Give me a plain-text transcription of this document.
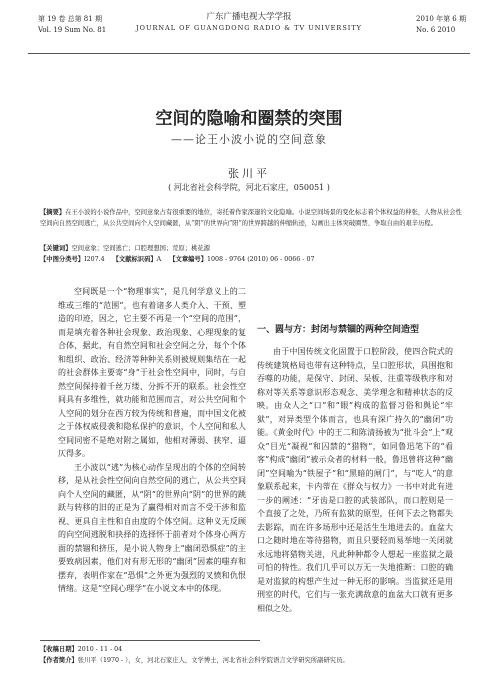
第 19 卷 总第 81 期
Vol. 19 Sum No. 81
广东广播电视大学学报
JOURNAL OF GUANGDONG RADIO & TV UNIVERSITY
2010 年第 6 期
No. 6 2010
空间的隐喻和圈禁的突围
——论王小波小说的空间意象
张川平
( 河北省社会科学院，河北石家庄，050051 )
【摘要】在王小波的小说作品中，空间意象占有很重要的地位，寄托着作家深邃的文化隐喻。小说空间场景的变化标志着个体权益的伸张，人物从社会性空间向自然空间逃亡，从公共空间向个人空间藏匿，从“阴”的世界向“阳”的世界跨越的伸缩轨迹，勾画出主体突破圈禁、争取自由的艰辛历程。
【关键词】空间意象；空间逃亡；口腔理想国；荒原；桃花源
【中图分类号】I207.4 【文献标识码】A 【文章编号】1008 - 9764 (2010) 06 - 0066 - 07

空间既是一个“物理事实”，是几何学意义上的二维或三维的“范围”，也有着诸多人类介入、干预、塑造的印迹，因之，它主要不再是一个“空间的范围”，而是填充着各种社会现象、政治现象、心理现象的复合体，据此，有自然空间和社会空间之分，每个个体和组织、政治、经济等种种关系则被规则集结在一起的社会群体主要寄“身”于社会性空间中，同时，与自然空间保持着千丝万缕、分拆不开的联系。社会性空间具有多维性，就功能和范围而言，对公共空间和个人空间的划分在西方较为传统和普遍，而中国文化被之于体权威侵袭和隐私保护的意识，个人空间和私人空间同密不是绝对附之属如，他相对薄弱、狭窄、逼仄得多。

王小波以“逃”为核心动作呈现出的个体的空间转移，是从社会性空间向自然空间的逃亡，从公共空间向个人空间的藏匿，从“阴”的世界向“阴”的世界的跳跃与转移的旧的正是为了赢得相对而言不受干涉和监视、更具自主性和自由度的个体空间。这种义无反顾的向空间逃脱和抉择的选择怀于前者对个体身心两方面的禁锢和挤压，是小说人物身上“幽闭恐惧症”的主要致病因素，他们对有形无形的“幽闭”因素的嗤弃和摆弃，表明作家在“恐惧”之外更为强烈的叉愤和仇恨情绪。这是“空间心理学”在小说文本中的体现。

一、圆与方：封闭与禁锢的两种空间造型

由于中国传统文化固置于口腔阶段，使四合院式的传统建筑格局也带有这种特点，呈口腔形状，具围抱和吞噬的功能，是保守、封闭、呆板、注重等级秩序和对称对等关系等意识形态观念、美学理念和精神状态的反映。由众人之“口”和“眼”构成的监督习俗和舆论“牢狱”，对异类型个体而言，也具有深广持久的“幽闭”功能。《黄金时代》中的王二和陈清扬被为“批斗会”上“观众”目光“凝视”和囚禁的“猎物”，如同鲁迅笔下的“看客”构成“幽闭”被示众者的材料一般，鲁迅曾将这种“幽闭”空间喻为“铁屋子”和“黑暗的闸门”，与“吃人”的意象联系起来，卡内蒂在《群众与权力》一书中对此有进一步的阐述：“牙齿是口腔的武装部队，而口腔则是一个直接了之处，乃所有监狱的原型，任何下去之物都失去影踪，而在许多场形中还是活生生地进去的。血盆大口之随时地在等待猎物，而且只要轻而易举地一关闭就永远地将猎物关进，凡此种种都令人想起一座监狱之最可怕的特性。我们几乎可以万无一失地推断：口腔的确是对监狱的构想产生过一种无形的影响。当监狱还是用刑室的时代，它们与一张充满敌意的血盆大口就有更多相似之处。

【收稿日期】2010 - 11 - 04
【作者简介】张川平（1970 - ），女，河北石家庄人，文学博士，河北省社会科学院语言文学研究所副研究员。
